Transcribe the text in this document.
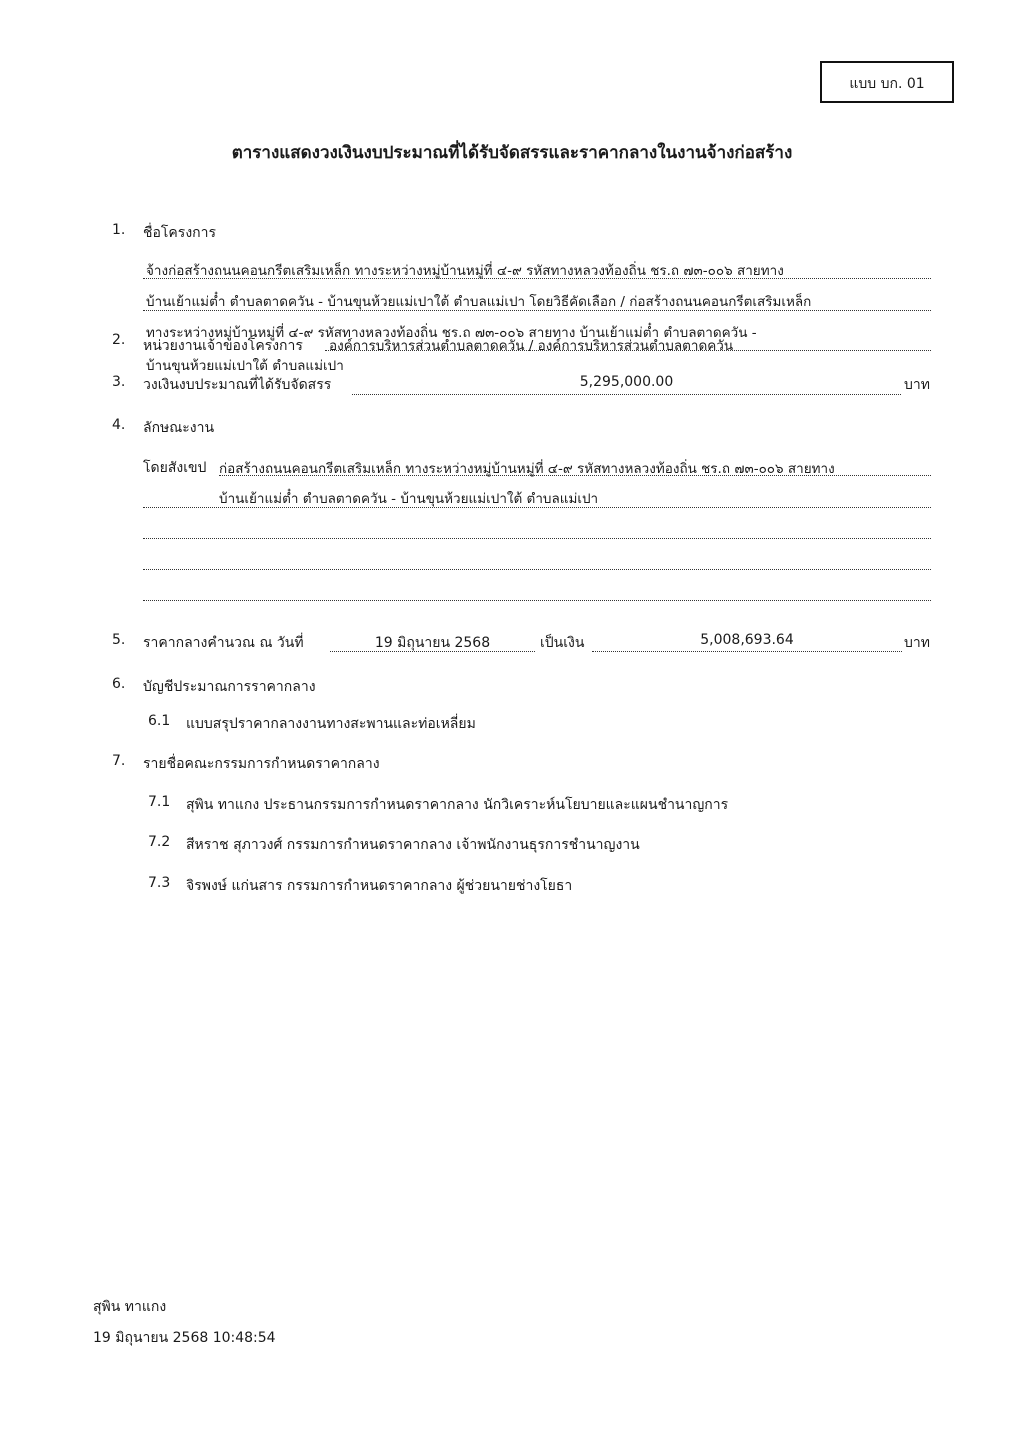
แบบ บก. 01
ตารางแสดงวงเงินงบประมาณที่ได้รับจัดสรรและราคากลางในงานจ้างก่อสร้าง
1. ชื่อโครงการ
จ้างก่อสร้างถนนคอนกรีตเสริมเหล็ก ทางระหว่างหมู่บ้านหมู่ที่ ๔-๙ รหัสทางหลวงท้องถิ่น ชร.ถ ๗๓-๐๐๖ สายทาง
บ้านเย้าแม่ต๋ำ ตำบลตาดควัน - บ้านขุนห้วยแม่เปาใต้ ตำบลแม่เปา โดยวิธีคัดเลือก / ก่อสร้างถนนคอนกรีตเสริมเหล็ก
ทางระหว่างหมู่บ้านหมู่ที่ ๔-๙ รหัสทางหลวงท้องถิ่น ชร.ถ ๗๓-๐๐๖ สายทาง บ้านเย้าแม่ต๋ำ ตำบลตาดควัน -
บ้านขุนห้วยแม่เปาใต้ ตำบลแม่เปา
2. หน่วยงานเจ้าของโครงการ องค์การบริหารส่วนตำบลตาดควัน / องค์การบริหารส่วนตำบลตาดควัน
3. วงเงินงบประมาณที่ได้รับจัดสรร	5,295,000.00	บาท
4. ลักษณะงาน
โดยสังเขป ก่อสร้างถนนคอนกรีตเสริมเหล็ก ทางระหว่างหมู่บ้านหมู่ที่ ๔-๙ รหัสทางหลวงท้องถิ่น ชร.ถ ๗๓-๐๐๖ สายทาง
บ้านเย้าแม่ต๋ำ ตำบลตาดควัน - บ้านขุนห้วยแม่เปาใต้ ตำบลแม่เปา
5. ราคากลางคำนวณ ณ วันที่	19 มิถุนายน 2568	เป็นเงิน	5,008,693.64	บาท
6. บัญชีประมาณการราคากลาง
6.1 แบบสรุปราคากลางงานทางสะพานและท่อเหลี่ยม
7. รายชื่อคณะกรรมการกำหนดราคากลาง
7.1 สุพิน ทาแกง ประธานกรรมการกำหนดราคากลาง นักวิเคราะห์นโยบายและแผนชำนาญการ
7.2 สีหราช สุภาวงศ์ กรรมการกำหนดราคากลาง เจ้าพนักงานธุรการชำนาญงาน
7.3 จิรพงษ์ แก่นสาร กรรมการกำหนดราคากลาง ผู้ช่วยนายช่างโยธา
สุพิน ทาแกง
19 มิถุนายน 2568 10:48:54
